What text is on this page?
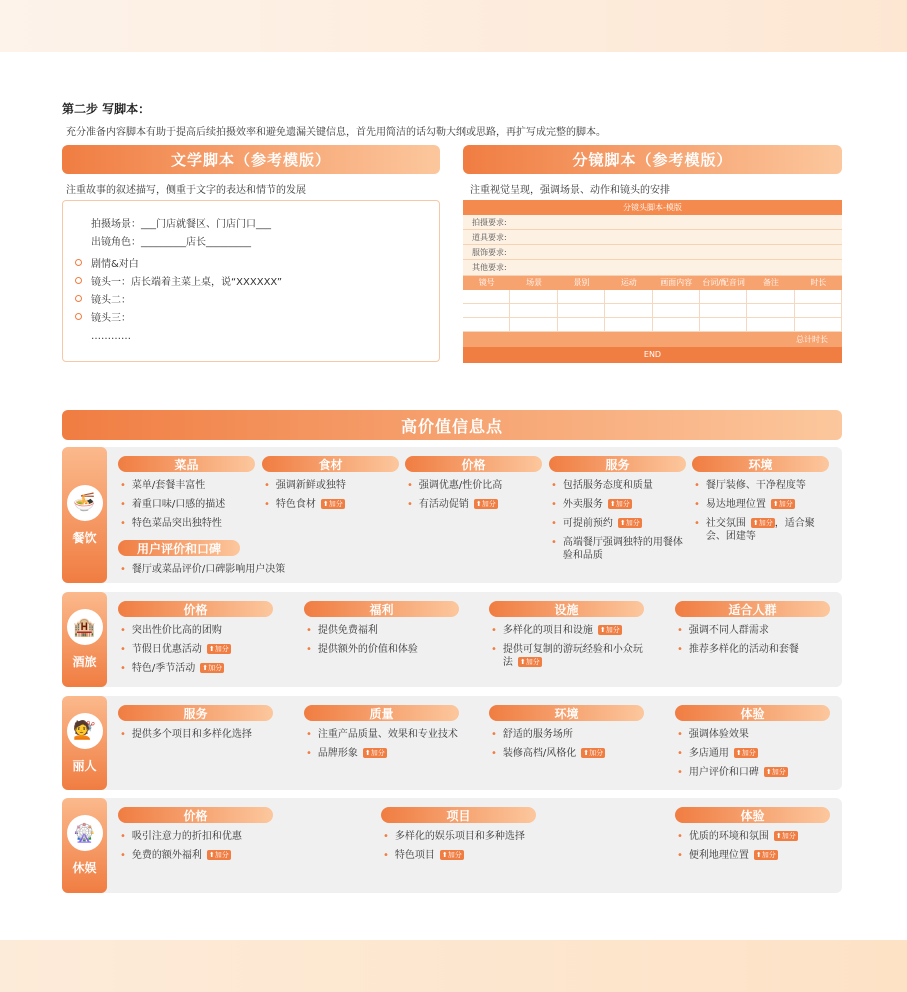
第二步 写脚本：
充分准备内容脚本有助于提高后续拍摄效率和避免遗漏关键信息，首先用简洁的话勾勒大纲或思路，再扩写成完整的脚本。
文学脚本（参考模版）
注重故事的叙述描写，侧重于文字的表达和情节的发展
拍摄场景：___门店就餐区、门店门口___
出镜角色：_________店长_________
剧情&对白
镜头一：店长端着主菜上桌，说“XXXXXX”
镜头二：
镜头三：
…………
分镜脚本（参考模版）
注重视觉呈现，强调场景、动作和镜头的安排
分镜头脚本-模版
拍摄要求:
道具要求:
服饰要求:
其他要求:
镜号	场景	景别	运动	画面内容	台词/配音词	备注	时长
总计时长
END
高价值信息点
🍜
餐饮
菜品
• 菜单/套餐丰富性
• 着重口味/口感的描述
• 特色菜品突出独特性
食材
• 强调新鲜或独特
• 特色食材 ⬆加分
价格
• 强调优惠/性价比高
• 有活动促销 ⬆加分
服务
• 包括服务态度和质量
• 外卖服务 ⬆加分
• 可提前预约 ⬆加分
• 高端餐厅强调独特的用餐体验和品质
环境
• 餐厅装修、干净程度等
• 易达地理位置 ⬆加分
• 社交氛围 ⬆加分 ，适合聚会、团建等
用户评价和口碑
• 餐厅或菜品评价/口碑影响用户决策
🏨
酒旅
价格
• 突出性价比高的团购
• 节假日优惠活动 ⬆加分
• 特色/季节活动 ⬆加分
福利
• 提供免费福利
• 提供额外的价值和体验
设施
• 多样化的项目和设施 ⬆加分
• 提供可复制的游玩经验和小众玩法 ⬆加分
适合人群
• 强调不同人群需求
• 推荐多样化的活动和套餐
💇
丽人
服务
• 提供多个项目和多样化选择
质量
• 注重产品质量、效果和专业技术
• 品牌形象 ⬆加分
环境
• 舒适的服务场所
• 装修高档/风格化 ⬆加分
体验
• 强调体验效果
• 多店通用 ⬆加分
• 用户评价和口碑 ⬆加分
🎡
休娱
价格
• 吸引注意力的折扣和优惠
• 免费的额外福利 ⬆加分
项目
• 多样化的娱乐项目和多种选择
• 特色项目 ⬆加分
体验
• 优质的环境和氛围 ⬆加分
• 便利地理位置 ⬆加分
